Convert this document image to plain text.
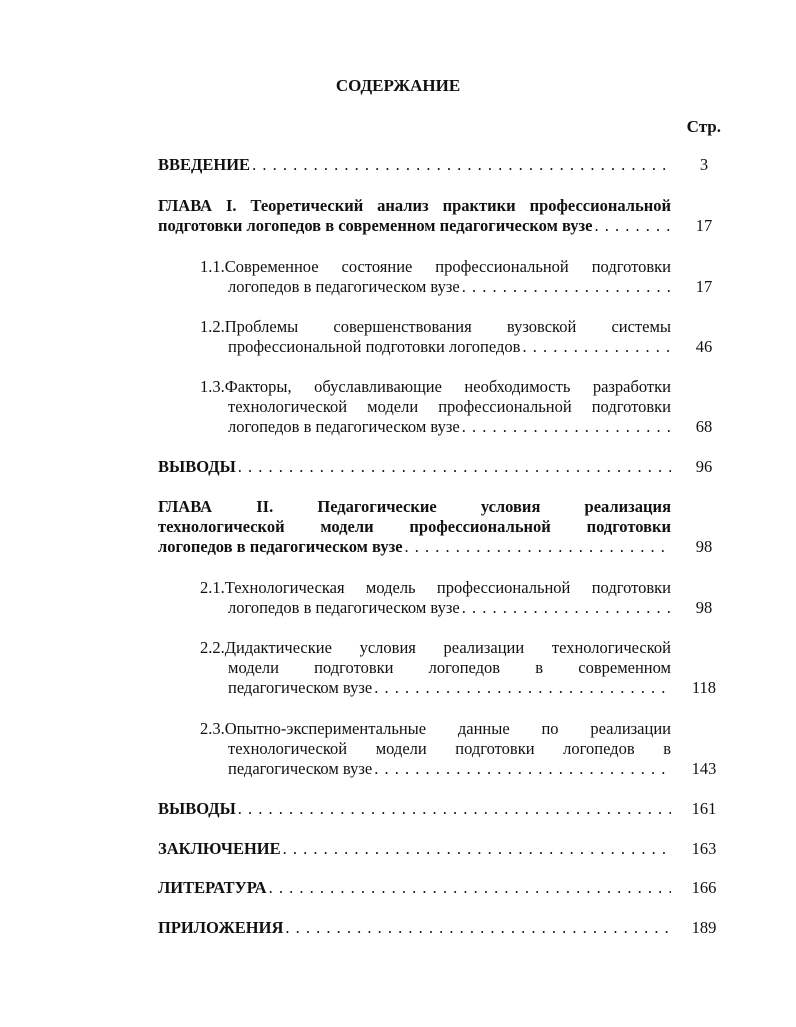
СОДЕРЖАНИЕ
Стр.
ВВЕДЕНИЕ . . .	3
ГЛАВА I. Теоретический анализ практики профессиональной
подготовки логопедов в современном педагогическом вузе . . .	17
1.1.Современное состояние профессиональной подготовки
логопедов в педагогическом вузе . . .	17
1.2.Проблемы совершенствования вузовской системы
профессиональной подготовки логопедов . . .	46
1.3.Факторы, обуславливающие необходимость разработки
технологической модели профессиональной подготовки
логопедов в педагогическом вузе . . .	68
ВЫВОДЫ . . .	96
ГЛАВА II. Педагогические условия реализация
технологической модели профессиональной подготовки
логопедов в педагогическом вузе . . .	98
2.1.Технологическая модель профессиональной подготовки
логопедов в педагогическом вузе . . .	98
2.2.Дидактические условия реализации технологической
модели подготовки логопедов в современном
педагогическом вузе . . .	118
2.3.Опытно-экспериментальные данные по реализации
технологической модели подготовки логопедов в
педагогическом вузе . . .	143
ВЫВОДЫ . . .	161
ЗАКЛЮЧЕНИЕ . . .	163
ЛИТЕРАТУРА . . .	166
ПРИЛОЖЕНИЯ . . .	189
